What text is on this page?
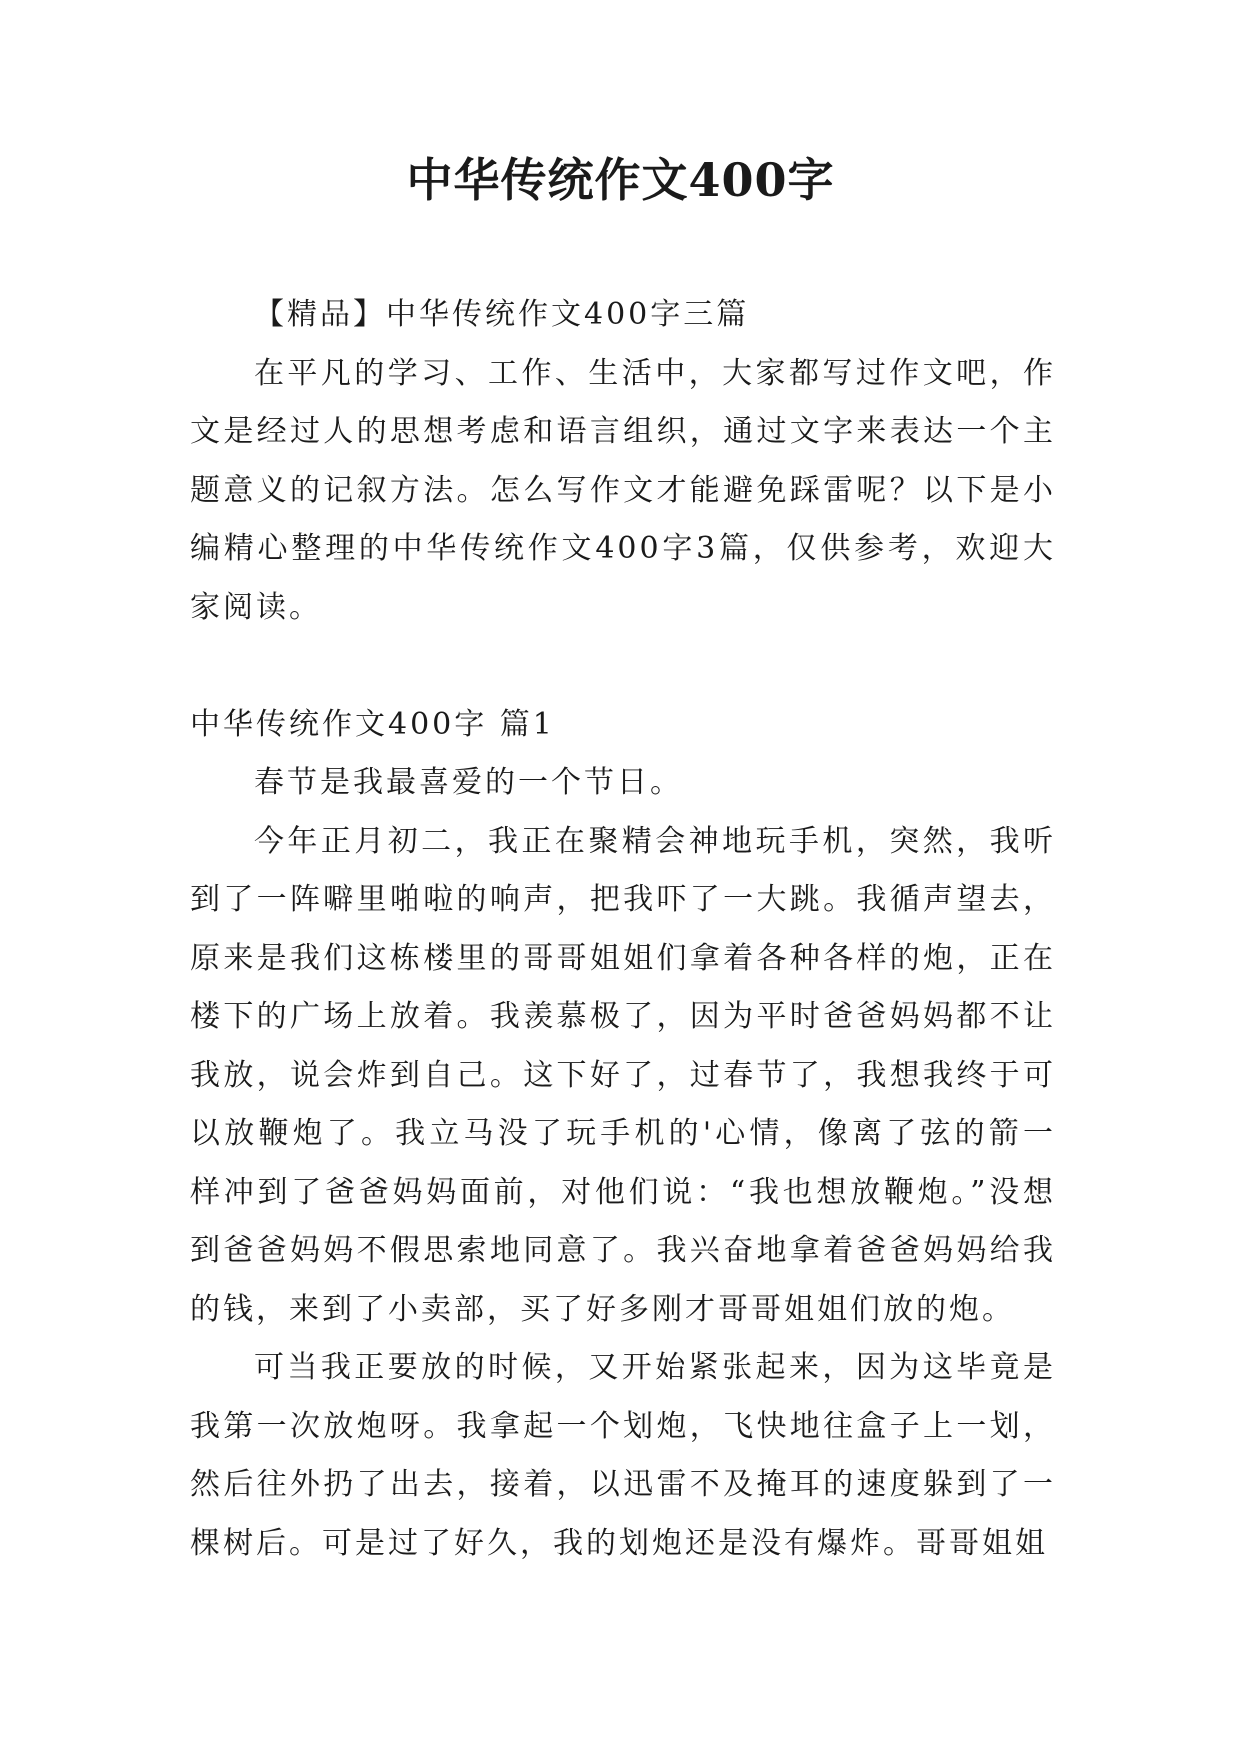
中华传统作文400字

【精品】中华传统作文400字三篇

在平凡的学习、工作、生活中，大家都写过作文吧，作文是经过人的思想考虑和语言组织，通过文字来表达一个主题意义的记叙方法。怎么写作文才能避免踩雷呢？以下是小编精心整理的中华传统作文400字3篇，仅供参考，欢迎大家阅读。

中华传统作文400字 篇1

春节是我最喜爱的一个节日。

今年正月初二，我正在聚精会神地玩手机，突然，我听到了一阵噼里啪啦的响声，把我吓了一大跳。我循声望去，原来是我们这栋楼里的哥哥姐姐们拿着各种各样的炮，正在楼下的广场上放着。我羡慕极了，因为平时爸爸妈妈都不让我放，说会炸到自己。这下好了，过春节了，我想我终于可以放鞭炮了。我立马没了玩手机的'心情，像离了弦的箭一样冲到了爸爸妈妈面前，对他们说：“我也想放鞭炮。”没想到爸爸妈妈不假思索地同意了。我兴奋地拿着爸爸妈妈给我的钱，来到了小卖部，买了好多刚才哥哥姐姐们放的炮。

可当我正要放的时候，又开始紧张起来，因为这毕竟是我第一次放炮呀。我拿起一个划炮，飞快地往盒子上一划，然后往外扔了出去，接着，以迅雷不及掩耳的速度躲到了一棵树后。可是过了好久，我的划炮还是没有爆炸。哥哥姐姐
